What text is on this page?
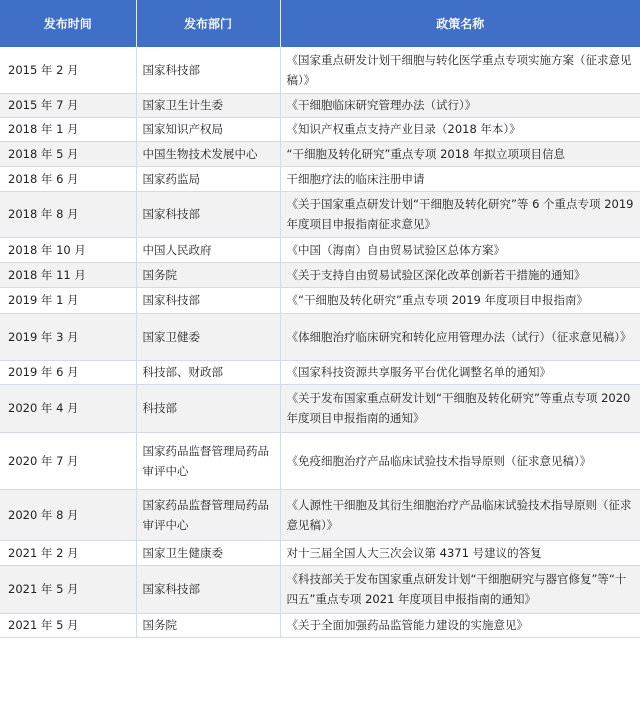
发布时间	发布部门	政策名称
2015 年 2 月	国家科技部	《国家重点研发计划干细胞与转化医学重点专项实施方案（征求意见稿）》
2015 年 7 月	国家卫生计生委	《干细胞临床研究管理办法（试行）》
2018 年 1 月	国家知识产权局	《知识产权重点支持产业目录（2018 年本）》
2018 年 5 月	中国生物技术发展中心	“干细胞及转化研究”重点专项 2018 年拟立项项目信息
2018 年 6 月	国家药监局	干细胞疗法的临床注册申请
2018 年 8 月	国家科技部	《关于国家重点研发计划“干细胞及转化研究”等 6 个重点专项 2019 年度项目申报指南征求意见》
2018 年 10 月	中国人民政府	《中国（海南）自由贸易试验区总体方案》
2018 年 11 月	国务院	《关于支持自由贸易试验区深化改革创新若干措施的通知》
2019 年 1 月	国家科技部	《“干细胞及转化研究”重点专项 2019 年度项目申报指南》
2019 年 3 月	国家卫健委	《体细胞治疗临床研究和转化应用管理办法（试行）（征求意见稿）》
2019 年 6 月	科技部、财政部	《国家科技资源共享服务平台优化调整名单的通知》
2020 年 4 月	科技部	《关于发布国家重点研发计划“干细胞及转化研究”等重点专项 2020 年度项目申报指南的通知》
2020 年 7 月	国家药品监督管理局药品审评中心	《免疫细胞治疗产品临床试验技术指导原则（征求意见稿）》
2020 年 8 月	国家药品监督管理局药品审评中心	《人源性干细胞及其衍生细胞治疗产品临床试验技术指导原则（征求意见稿）》
2021 年 2 月	国家卫生健康委	对十三届全国人大三次会议第 4371 号建议的答复
2021 年 5 月	国家科技部	《科技部关于发布国家重点研发计划“干细胞研究与器官修复”等“十四五”重点专项 2021 年度项目申报指南的通知》
2021 年 5 月	国务院	《关于全面加强药品监管能力建设的实施意见》
